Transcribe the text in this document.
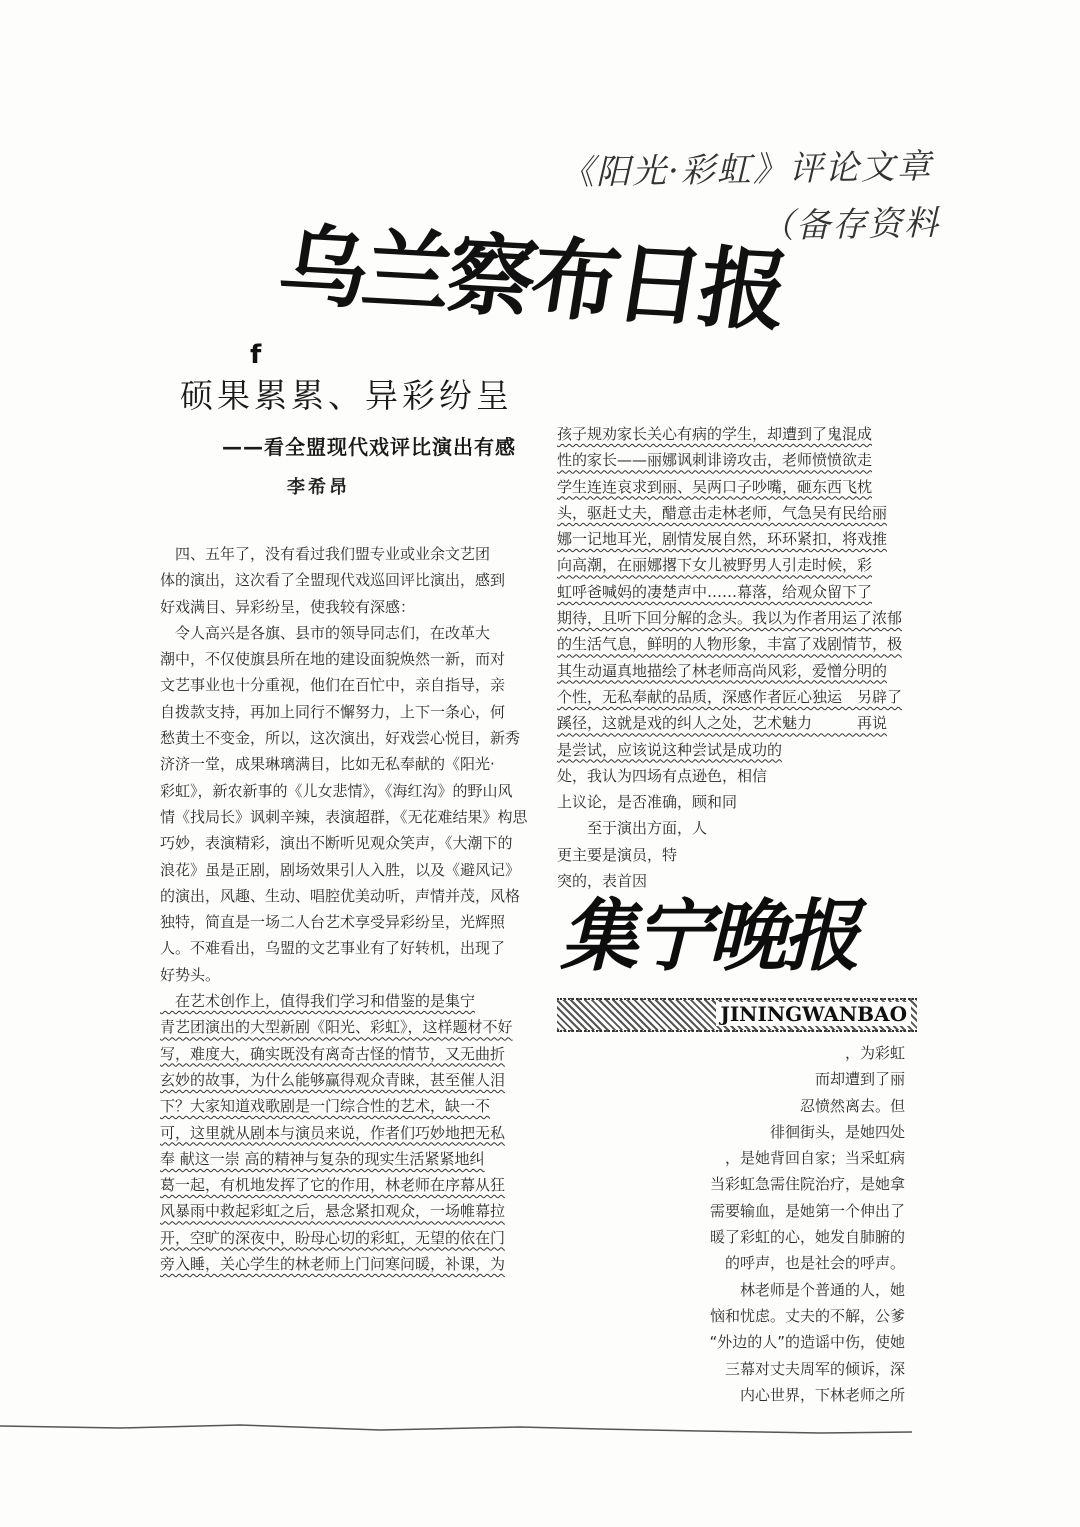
《阳光·彩虹》评论文章
（备存资料
乌兰察布日报
f
硕果累累、异彩纷呈
——看全盟现代戏评比演出有感
李希昂
　四、五年了，没有看过我们盟专业或业余文艺团
体的演出，这次看了全盟现代戏巡回评比演出，感到
好戏满目、异彩纷呈，使我较有深感：
　令人高兴是各旗、县市的领导同志们，在改革大
潮中，不仅使旗县所在地的建设面貌焕然一新，而对
文艺事业也十分重视，他们在百忙中，亲自指导，亲
自拨款支持，再加上同行不懈努力，上下一条心，何
愁黄土不变金，所以，这次演出，好戏尝心悦目，新秀
济济一堂，成果琳璃满目，比如无私奉献的《阳光·
彩虹》，新农新事的《儿女悲情》，《海红沟》的野山风
情《找局长》讽刺辛辣，表演超群，《无花难结果》构思
巧妙，表演精彩，演出不断听见观众笑声，《大潮下的
浪花》虽是正剧，剧场效果引人入胜，以及《避风记》
的演出，风趣、生动、唱腔优美动听，声情并茂，风格
独特，简直是一场二人台艺术享受异彩纷呈，光辉照
人。不难看出，乌盟的文艺事业有了好转机，出现了
好势头。
　在艺术创作上，值得我们学习和借鉴的是集宁
青艺团演出的大型新剧《阳光、彩虹》，这样题材不好
写，难度大，确实既没有离奇古怪的情节，又无曲折
玄妙的故事，为什么能够赢得观众青睐，甚至催人泪
下？大家知道戏歌剧是一门综合性的艺术，缺一不
可，这里就从剧本与演员来说，作者们巧妙地把无私
奉 献这一崇 高的精神与复杂的现实生活紧紧地纠
葛一起，有机地发挥了它的作用，林老师在序幕从狂
风暴雨中救起彩虹之后，悬念紧扣观众，一场帷幕拉
开，空旷的深夜中，盼母心切的彩虹，无望的依在门
旁入睡，关心学生的林老师上门问寒问暖，补课，为
孩子规劝家长关心有病的学生，却遭到了鬼混成
性的家长——丽娜讽刺诽谤攻击，老师愤愤欲走
学生连连哀求到丽、吴两口子吵嘴，砸东西飞枕
头，驱赶丈夫，醋意击走林老师，气急吴有民给丽
娜一记地耳光，剧情发展自然，环环紧扣，将戏推
向高潮，在丽娜撂下女儿被野男人引走时候，彩
虹呼爸喊妈的凄楚声中……幕落，给观众留下了
期待，且听下回分解的念头。我以为作者用运了浓郁
的生活气息，鲜明的人物形象，丰富了戏剧情节，极
其生动逼真地描绘了林老师高尚风彩，爱憎分明的
个性，无私奉献的品质，深感作者匠心独运　另辟了
蹊径，这就是戏的纠人之处，艺术魅力　　　再说
是尝试，应该说这种尝试是成功的
处，我认为四场有点逊色，相信
上议论，是否准确，顾和同
　　至于演出方面，人
更主要是演员，特
突的，表首因
集宁晚报
JININGWANBAO
，为彩虹
而却遭到了丽
忍愤然离去。但
徘徊街头，是她四处
，是她背回自家；当采虹病
当彩虹急需住院治疗，是她拿
需要输血，是她第一个伸出了
暖了彩虹的心，她发自肺腑的
的呼声，也是社会的呼声。
林老师是个普通的人，她
恼和忧虑。丈夫的不解，公爹
“外边的人”的造谣中伤，使她
三幕对丈夫周军的倾诉，深
内心世界，下林老师之所
